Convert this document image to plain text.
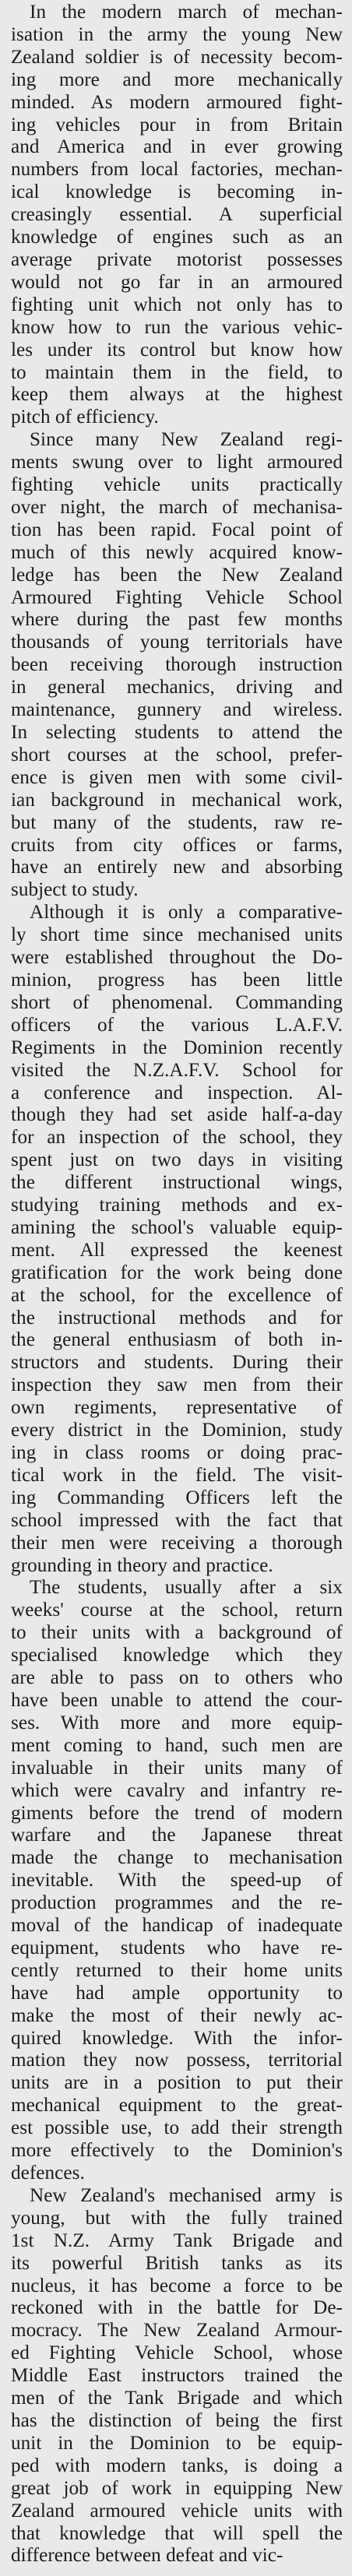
In the modern march of mechan-
isation in the army the young New
Zealand soldier is of necessity becom-
ing more and more mechanically
minded. As modern armoured fight-
ing vehicles pour in from Britain
and America and in ever growing
numbers from local factories, mechan-
ical knowledge is becoming in-
creasingly essential. A superficial
knowledge of engines such as an
average private motorist possesses
would not go far in an armoured
fighting unit which not only has to
know how to run the various vehic-
les under its control but know how
to maintain them in the field, to
keep them always at the highest
pitch of efficiency.

Since many New Zealand regi-
ments swung over to light armoured
fighting vehicle units practically
over night, the march of mechanisa-
tion has been rapid. Focal point of
much of this newly acquired know-
ledge has been the New Zealand
Armoured Fighting Vehicle School
where during the past few months
thousands of young territorials have
been receiving thorough instruction
in general mechanics, driving and
maintenance, gunnery and wireless.
In selecting students to attend the
short courses at the school, prefer-
ence is given men with some civil-
ian background in mechanical work,
but many of the students, raw re-
cruits from city offices or farms,
have an entirely new and absorbing
subject to study.

Although it is only a comparative-
ly short time since mechanised units
were established throughout the Do-
minion, progress has been little
short of phenomenal. Commanding
officers of the various L.A.F.V.
Regiments in the Dominion recently
visited the N.Z.A.F.V. School for
a conference and inspection. Al-
though they had set aside half-a-day
for an inspection of the school, they
spent just on two days in visiting
the different instructional wings,
studying training methods and ex-
amining the school's valuable equip-
ment. All expressed the keenest
gratification for the work being done
at the school, for the excellence of
the instructional methods and for
the general enthusiasm of both in-
structors and students. During their
inspection they saw men from their
own regiments, representative of
every district in the Dominion, study
ing in class rooms or doing prac-
tical work in the field. The visit-
ing Commanding Officers left the
school impressed with the fact that
their men were receiving a thorough
grounding in theory and practice.

The students, usually after a six
weeks' course at the school, return
to their units with a background of
specialised knowledge which they
are able to pass on to others who
have been unable to attend the cour-
ses. With more and more equip-
ment coming to hand, such men are
invaluable in their units many of
which were cavalry and infantry re-
giments before the trend of modern
warfare and the Japanese threat
made the change to mechanisation
inevitable. With the speed-up of
production programmes and the re-
moval of the handicap of inadequate
equipment, students who have re-
cently returned to their home units
have had ample opportunity to
make the most of their newly ac-
quired knowledge. With the infor-
mation they now possess, territorial
units are in a position to put their
mechanical equipment to the great-
est possible use, to add their strength
more effectively to the Dominion's
defences.

New Zealand's mechanised army is
young, but with the fully trained
1st N.Z. Army Tank Brigade and
its powerful British tanks as its
nucleus, it has become a force to be
reckoned with in the battle for De-
mocracy. The New Zealand Armour-
ed Fighting Vehicle School, whose
Middle East instructors trained the
men of the Tank Brigade and which
has the distinction of being the first
unit in the Dominion to be equip-
ped with modern tanks, is doing a
great job of work in equipping New
Zealand armoured vehicle units with
that knowledge that will spell the
difference between defeat and vic-
